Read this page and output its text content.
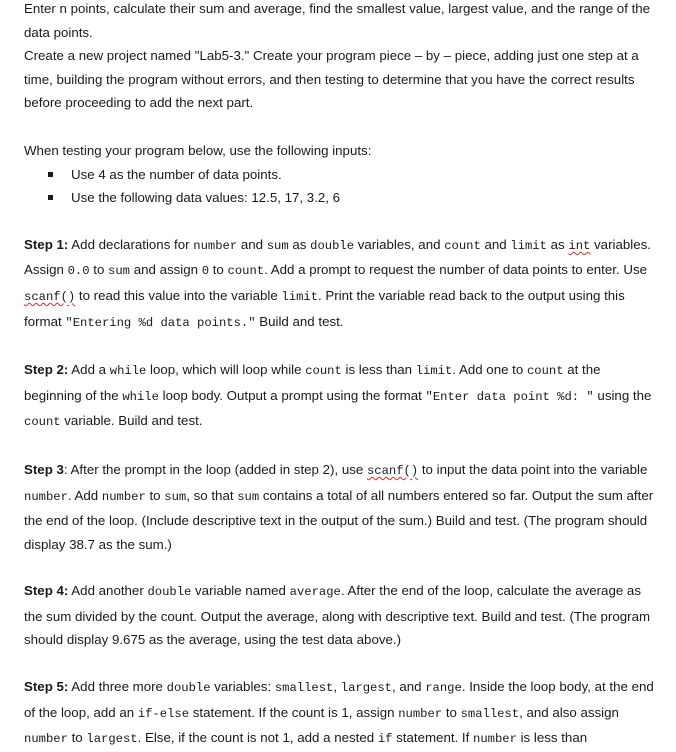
Enter n points, calculate their sum and average, find the smallest value, largest value, and the range of the data points.

Create a new project named "Lab5-3." Create your program piece – by – piece, adding just one step at a time, building the program without errors, and then testing to determine that you have the correct results before proceeding to add the next part.

When testing your program below, use the following inputs:

Use 4 as the number of data points.
Use the following data values: 12.5, 17, 3.2, 6

Step 1: Add declarations for number and sum as double variables, and count and limit as int variables. Assign 0.0 to sum and assign 0 to count. Add a prompt to request the number of data points to enter. Use scanf() to read this value into the variable limit. Print the variable read back to the output using this format "Entering %d data points." Build and test.

Step 2: Add a while loop, which will loop while count is less than limit. Add one to count at the beginning of the while loop body. Output a prompt using the format "Enter data point %d: " using the count variable. Build and test.

Step 3: After the prompt in the loop (added in step 2), use scanf() to input the data point into the variable number. Add number to sum, so that sum contains a total of all numbers entered so far. Output the sum after the end of the loop. (Include descriptive text in the output of the sum.) Build and test. (The program should display 38.7 as the sum.)

Step 4: Add another double variable named average. After the end of the loop, calculate the average as the sum divided by the count. Output the average, along with descriptive text. Build and test. (The program should display 9.675 as the average, using the test data above.)

Step 5: Add three more double variables: smallest, largest, and range. Inside the loop body, at the end of the loop, add an if-else statement. If the count is 1, assign number to smallest, and also assign number to largest. Else, if the count is not 1, add a nested if statement. If number is less than
